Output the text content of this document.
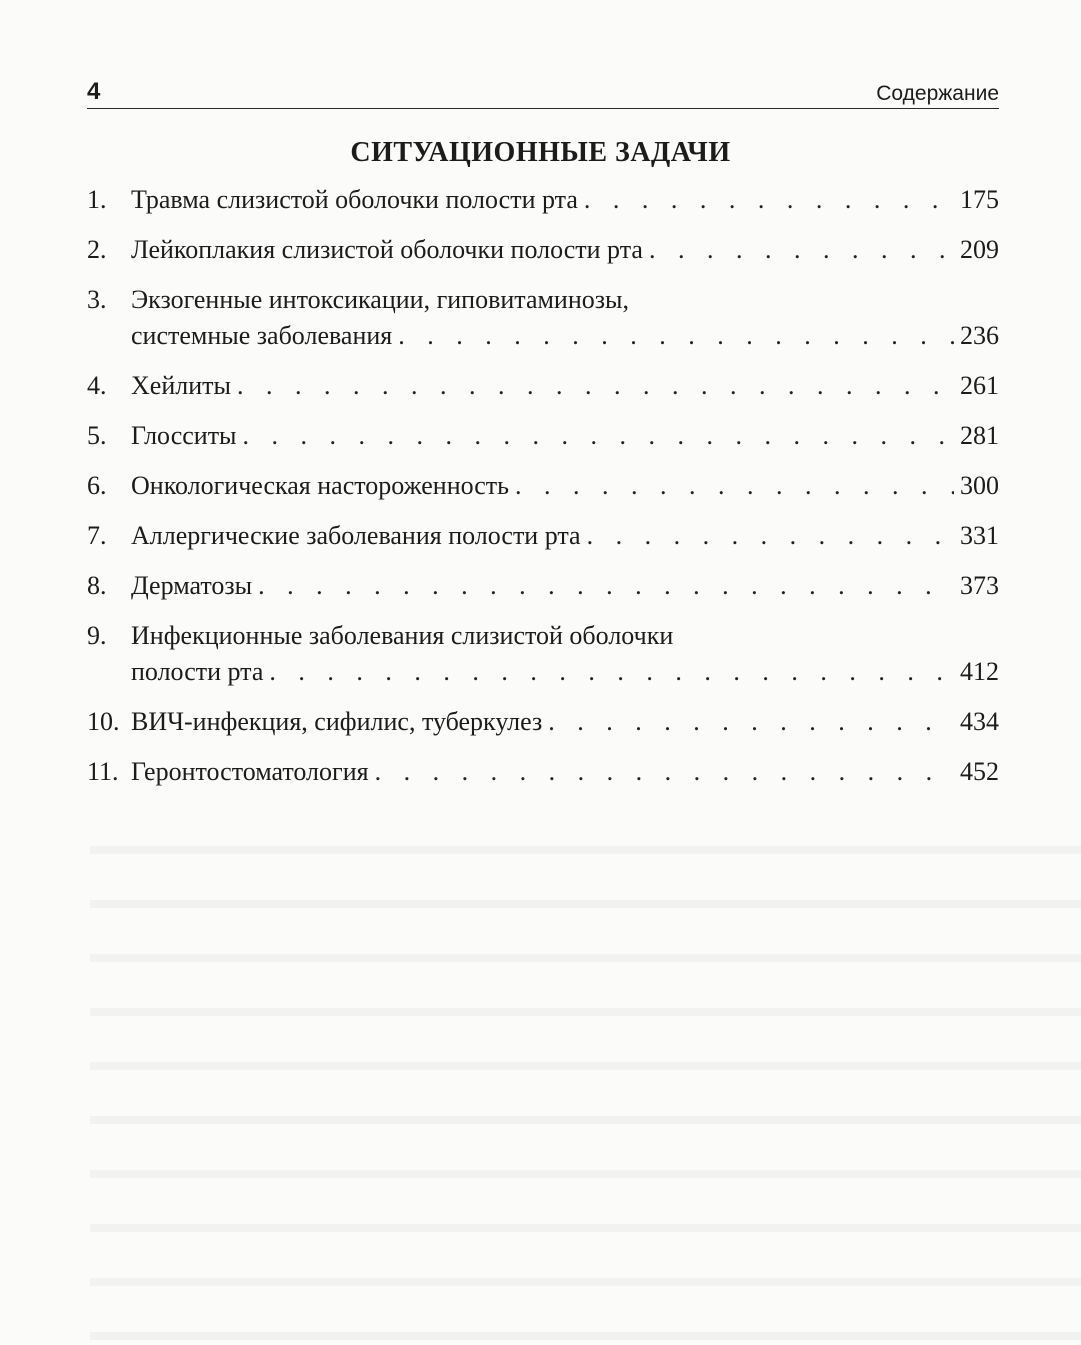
4	Содержание
СИТУАЦИОННЫЕ ЗАДАЧИ
1. Травма слизистой оболочки полости рта . . .	175
2. Лейкоплакия слизистой оболочки полости рта . . .	209
3. Экзогенные интоксикации, гиповитаминозы,
системные заболевания . . .	236
4. Хейлиты . . .	261
5. Глосситы . . .	281
6. Онкологическая настороженность . . .	300
7. Аллергические заболевания полости рта . . .	331
8. Дерматозы . . .	373
9. Инфекционные заболевания слизистой оболочки
полости рта . . .	412
10. ВИЧ-инфекция, сифилис, туберкулез . . .	434
11. Геронтостоматология . . .	452
